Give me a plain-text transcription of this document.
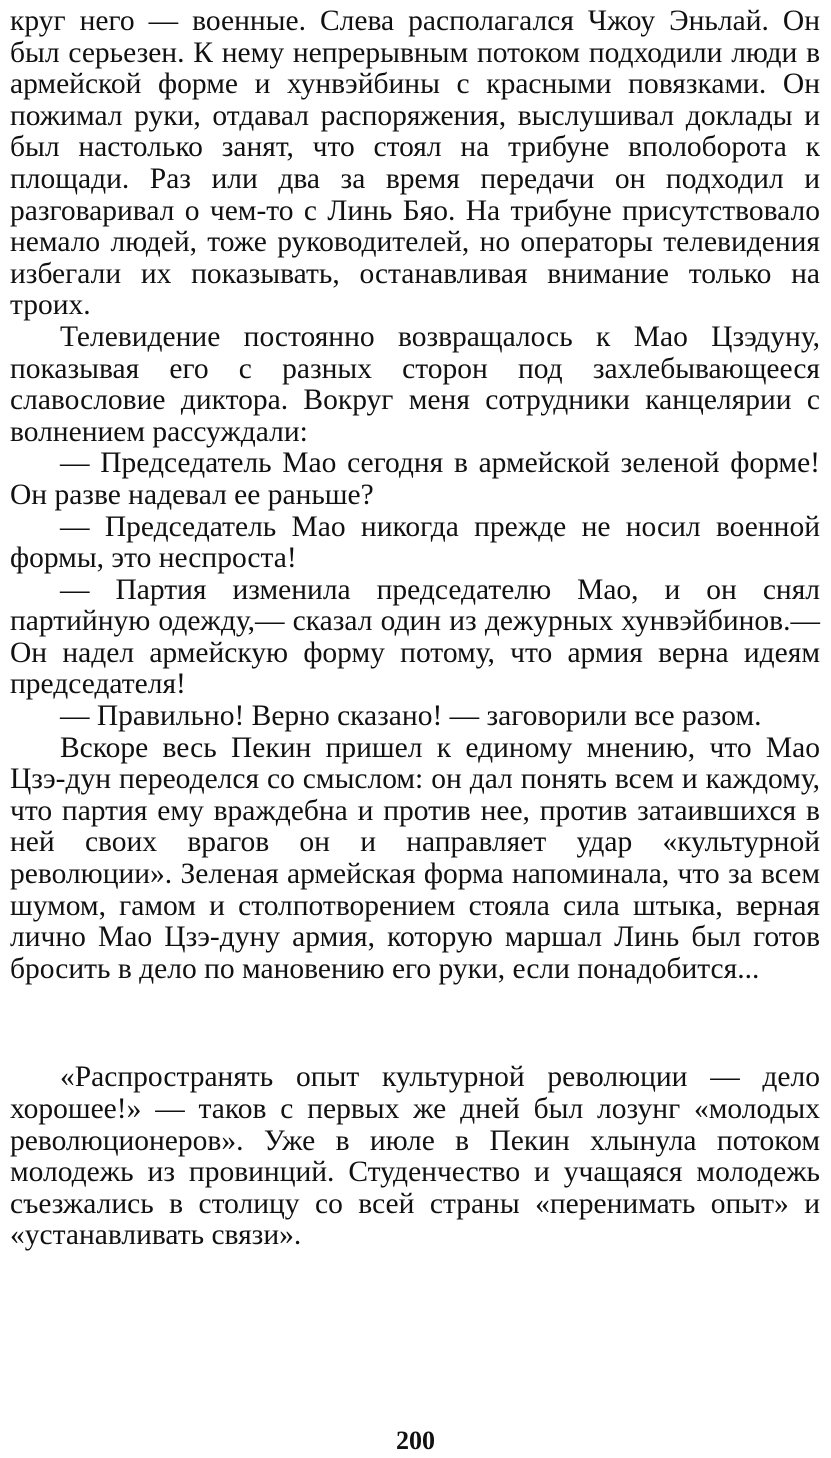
круг него — военные. Слева располагался Чжоу Эньлай. Он был серьезен. К нему непрерывным потоком подходили люди в армейской форме и хунвэйбины с красными повязками. Он пожимал руки, отдавал распоряжения, выслушивал доклады и был настолько занят, что стоял на трибуне вполоборота к площади. Раз или два за время передачи он подходил и разговаривал о чем-то с Линь Бяо. На трибуне присутствовало немало людей, тоже руководителей, но операторы телевидения избегали их показывать, останавливая внимание только на троих.

Телевидение постоянно возвращалось к Мао Цзэдуну, показывая его с разных сторон под захлебывающееся славословие диктора. Вокруг меня сотрудники канцелярии с волнением рассуждали:

— Председатель Мао сегодня в армейской зеленой форме! Он разве надевал ее раньше?

— Председатель Мао никогда прежде не носил военной формы, это неспроста!

— Партия изменила председателю Мао, и он снял партийную одежду,— сказал один из дежурных хунвэйбинов.— Он надел армейскую форму потому, что армия верна идеям председателя!

— Правильно! Верно сказано! — заговорили все разом.

Вскоре весь Пекин пришел к единому мнению, что Мао Цзэ-дун переоделся со смыслом: он дал понять всем и каждому, что партия ему враждебна и против нее, против затаившихся в ней своих врагов он и направляет удар «культурной революции». Зеленая армейская форма напоминала, что за всем шумом, гамом и столпотворением стояла сила штыка, верная лично Мао Цзэ-дуну армия, которую маршал Линь был готов бросить в дело по мановению его руки, если понадобится...

«Распространять опыт культурной революции — дело хорошее!» — таков с первых же дней был лозунг «молодых революционеров». Уже в июле в Пекин хлынула потоком молодежь из провинций. Студенчество и учащаяся молодежь съезжались в столицу со всей страны «перенимать опыт» и «устанавливать связи».

200
